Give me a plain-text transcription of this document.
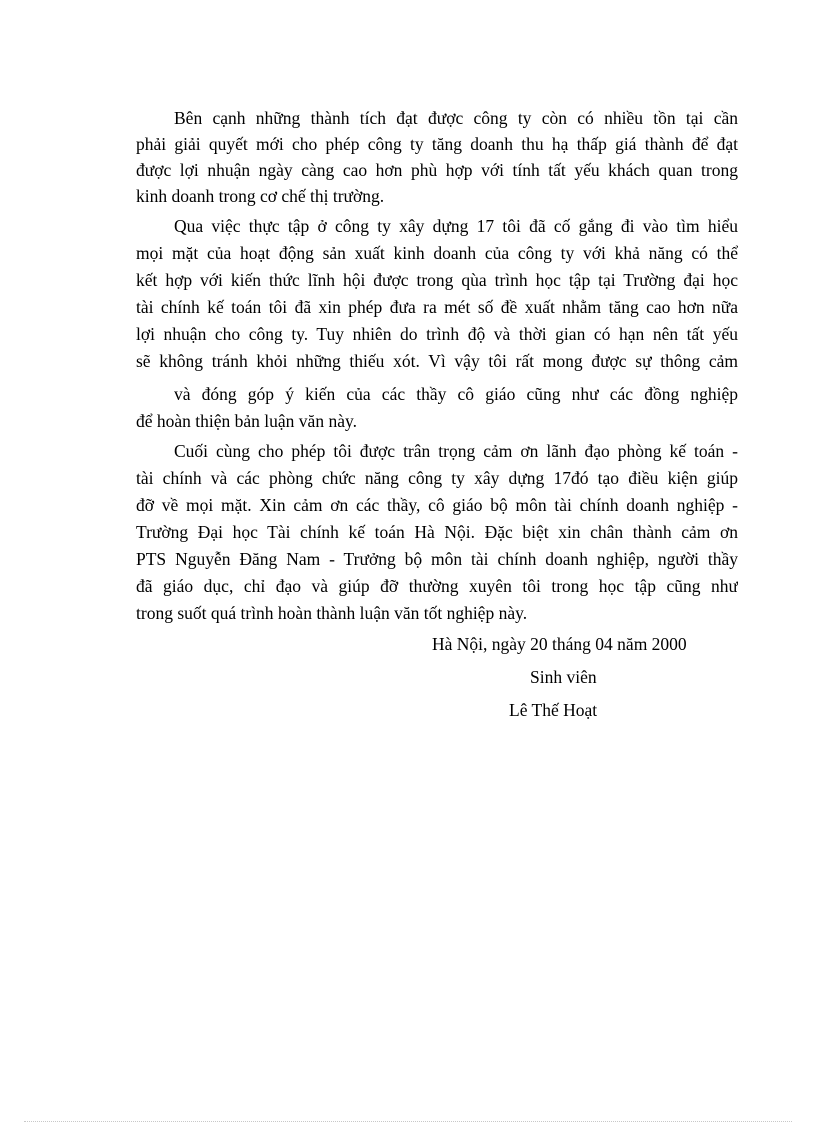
Bên cạnh những thành tích đạt được công ty còn có nhiều tồn tại cần
phải giải quyết mới cho phép công ty tăng doanh thu hạ thấp giá thành để đạt
được lợi nhuận ngày càng cao hơn phù hợp với tính tất yếu khách quan trong
kinh doanh trong cơ chế thị trường.
Qua việc thực tập ở công ty xây dựng 17 tôi đã cố gắng đi vào tìm hiểu
mọi mặt của hoạt động sản xuất kinh doanh của công ty với khả năng có thể
kết hợp với kiến thức lĩnh hội được trong qùa trình học tập tại Trường đại học
tài chính kế toán tôi đã xin phép đưa ra mét số đề xuất nhằm tăng cao hơn nữa
lợi nhuận cho công ty. Tuy nhiên do trình độ và thời gian có hạn nên tất yếu
sẽ không tránh khỏi những thiếu xót. Vì vậy tôi rất mong được sự thông cảm
và đóng góp ý kiến của các thầy cô giáo cũng như các đồng nghiệp
để hoàn thiện bản luận văn này.
Cuối cùng cho phép tôi được trân trọng cảm ơn lãnh đạo phòng kế toán -
tài chính và các phòng chức năng công ty xây dựng 17đó tạo điều kiện giúp
đỡ về mọi mặt. Xin cảm ơn các thầy, cô giáo bộ môn tài chính doanh nghiệp -
Trường Đại học Tài chính kế toán Hà Nội. Đặc biệt xin chân thành cảm ơn
PTS Nguyễn Đăng Nam - Trưởng bộ môn tài chính doanh nghiệp, người thầy
đã giáo dục, chỉ đạo và giúp đỡ thường xuyên tôi trong học tập cũng như
trong suốt quá trình hoàn thành luận văn tốt nghiệp này.
Hà Nội, ngày 20 tháng 04 năm 2000
Sinh viên
Lê Thế Hoạt
